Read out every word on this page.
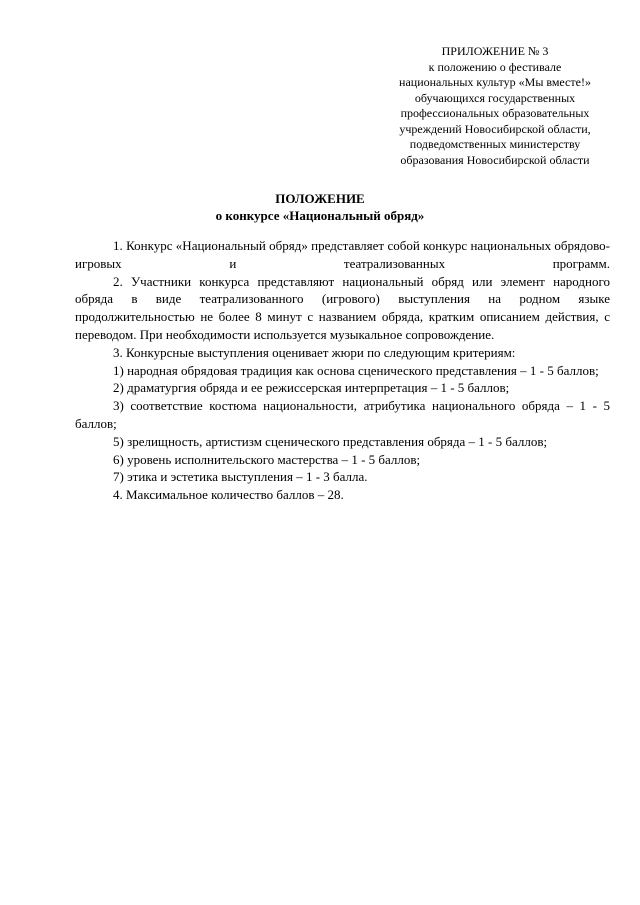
ПРИЛОЖЕНИЕ № 3
к положению о фестивале
национальных культур «Мы вместе!»
обучающихся государственных
профессиональных образовательных
учреждений Новосибирской области,
подведомственных министерству
образования Новосибирской области
ПОЛОЖЕНИЕ
о конкурсе «Национальный обряд»

1. Конкурс «Национальный обряд» представляет собой конкурс национальных обрядово-игровых и театрализованных программ.

2. Участники конкурса представляют национальный обряд или элемент народного обряда в виде театрализованного (игрового) выступления на родном языке продолжительностью не более 8 минут с названием обряда, кратким описанием действия, с переводом. При необходимости используется музыкальное сопровождение.

3. Конкурсные выступления оценивает жюри по следующим критериям:

1) народная обрядовая традиция как основа сценического представления – 1 - 5 баллов;

2) драматургия обряда и ее режиссерская интерпретация – 1 - 5 баллов;

3) соответствие костюма национальности, атрибутика национального обряда – 1 - 5 баллов;

5) зрелищность, артистизм сценического представления обряда – 1 - 5 баллов;

6) уровень исполнительского мастерства – 1 - 5 баллов;

7) этика и эстетика выступления – 1 - 3 балла.

4. Максимальное количество баллов – 28.
